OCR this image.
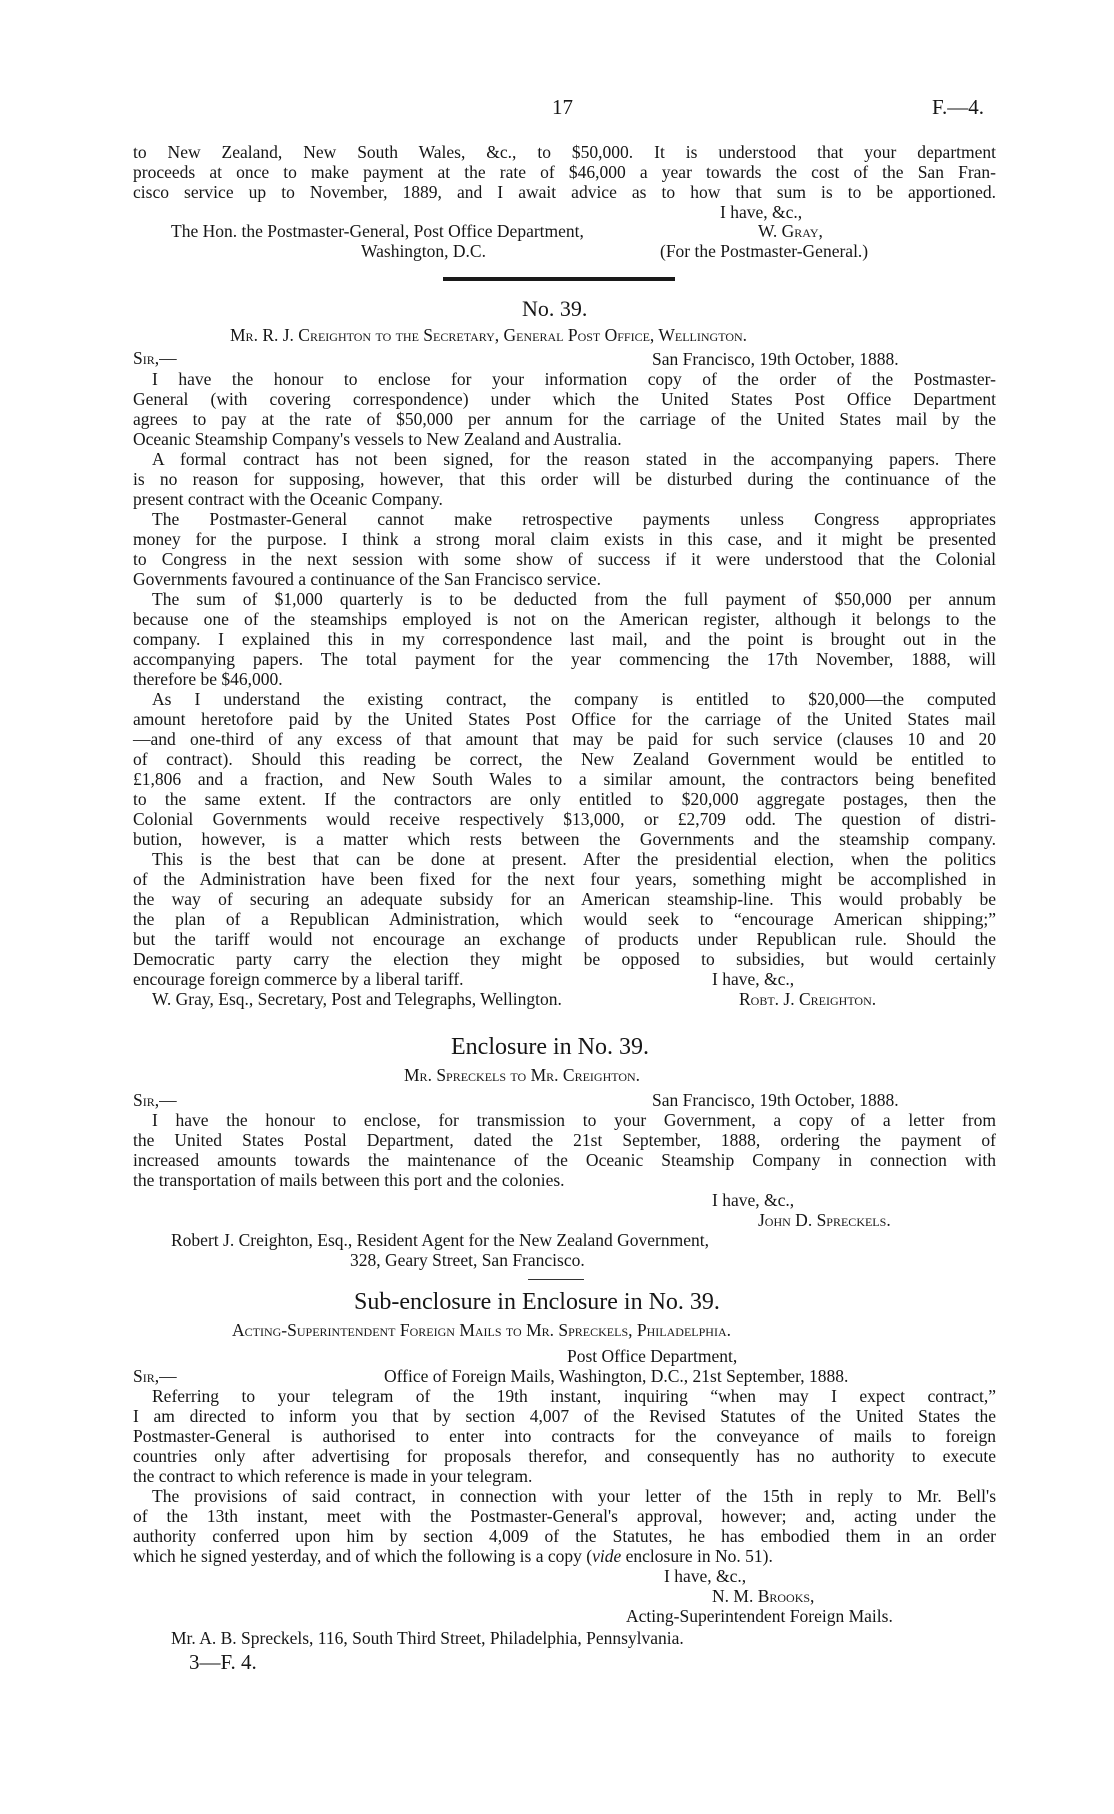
17	F.—4.
to New Zealand, New South Wales, &c., to $50,000. It is understood that your department
proceeds at once to make payment at the rate of $46,000 a year towards the cost of the San Fran-
cisco service up to November, 1889, and I await advice as to how that sum is to be apportioned.
I have, &c.,
The Hon. the Postmaster-General, Post Office Department,	W. Gray,
Washington, D.C.	(For the Postmaster-General.)
No. 39.
Mr. R. J. Creighton to the Secretary, General Post Office, Wellington.
Sir,—	San Francisco, 19th October, 1888.
I have the honour to enclose for your information copy of the order of the Postmaster-
General (with covering correspondence) under which the United States Post Office Department
agrees to pay at the rate of $50,000 per annum for the carriage of the United States mail by the
Oceanic Steamship Company's vessels to New Zealand and Australia.
A formal contract has not been signed, for the reason stated in the accompanying papers. There
is no reason for supposing, however, that this order will be disturbed during the continuance of the
present contract with the Oceanic Company.
The Postmaster-General cannot make retrospective payments unless Congress appropriates
money for the purpose. I think a strong moral claim exists in this case, and it might be presented
to Congress in the next session with some show of success if it were understood that the Colonial
Governments favoured a continuance of the San Francisco service.
The sum of $1,000 quarterly is to be deducted from the full payment of $50,000 per annum
because one of the steamships employed is not on the American register, although it belongs to the
company. I explained this in my correspondence last mail, and the point is brought out in the
accompanying papers. The total payment for the year commencing the 17th November, 1888, will
therefore be $46,000.
As I understand the existing contract, the company is entitled to $20,000—the computed
amount heretofore paid by the United States Post Office for the carriage of the United States mail
—and one-third of any excess of that amount that may be paid for such service (clauses 10 and 20
of contract). Should this reading be correct, the New Zealand Government would be entitled to
£1,806 and a fraction, and New South Wales to a similar amount, the contractors being benefited
to the same extent. If the contractors are only entitled to $20,000 aggregate postages, then the
Colonial Governments would receive respectively $13,000, or £2,709 odd. The question of distri-
bution, however, is a matter which rests between the Governments and the steamship company.
This is the best that can be done at present. After the presidential election, when the politics
of the Administration have been fixed for the next four years, something might be accomplished in
the way of securing an adequate subsidy for an American steamship-line. This would probably be
the plan of a Republican Administration, which would seek to “encourage American shipping;”
but the tariff would not encourage an exchange of products under Republican rule. Should the
Democratic party carry the election they might be opposed to subsidies, but would certainly
encourage foreign commerce by a liberal tariff.	I have, &c.,
W. Gray, Esq., Secretary, Post and Telegraphs, Wellington.	Robt. J. Creighton.
Enclosure in No. 39.
Mr. Spreckels to Mr. Creighton.
Sir,—	San Francisco, 19th October, 1888.
I have the honour to enclose, for transmission to your Government, a copy of a letter from
the United States Postal Department, dated the 21st September, 1888, ordering the payment of
increased amounts towards the maintenance of the Oceanic Steamship Company in connection with
the transportation of mails between this port and the colonies.
I have, &c.,
John D. Spreckels.
Robert J. Creighton, Esq., Resident Agent for the New Zealand Government,
328, Geary Street, San Francisco.
Sub-enclosure in Enclosure in No. 39.
Acting-Superintendent Foreign Mails to Mr. Spreckels, Philadelphia.
Post Office Department,
Sir,—	Office of Foreign Mails, Washington, D.C., 21st September, 1888.
Referring to your telegram of the 19th instant, inquiring “when may I expect contract,”
I am directed to inform you that by section 4,007 of the Revised Statutes of the United States the
Postmaster-General is authorised to enter into contracts for the conveyance of mails to foreign
countries only after advertising for proposals therefor, and consequently has no authority to execute
the contract to which reference is made in your telegram.
The provisions of said contract, in connection with your letter of the 15th in reply to Mr. Bell's
of the 13th instant, meet with the Postmaster-General's approval, however; and, acting under the
authority conferred upon him by section 4,009 of the Statutes, he has embodied them in an order
which he signed yesterday, and of which the following is a copy (vide enclosure in No. 51).
I have, &c.,
N. M. Brooks,
Acting-Superintendent Foreign Mails.
Mr. A. B. Spreckels, 116, South Third Street, Philadelphia, Pennsylvania.
3—F. 4.
